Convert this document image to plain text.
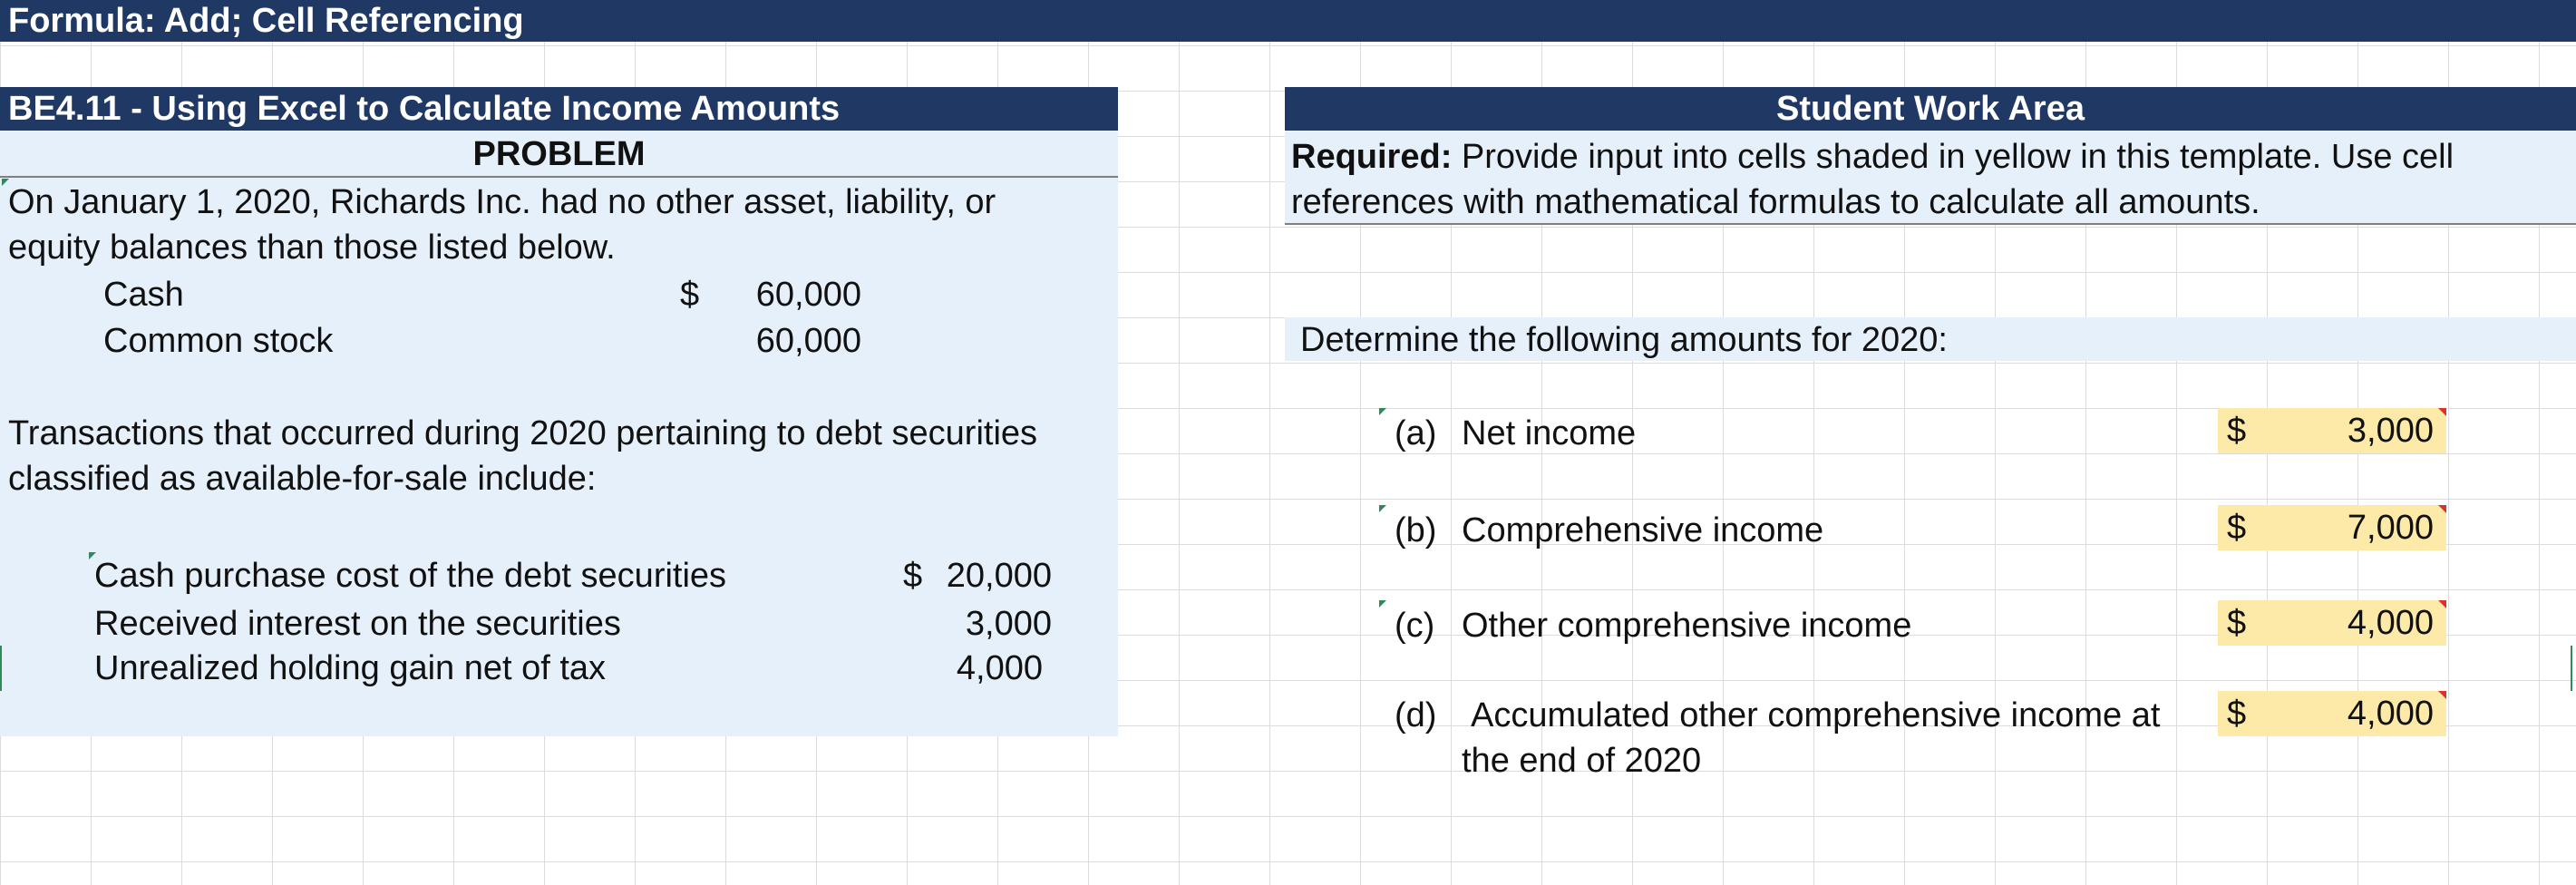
Formula: Add; Cell Referencing
BE4.11 - Using Excel to Calculate Income Amounts
PROBLEM
On January 1, 2020, Richards Inc. had no other asset, liability, or
equity balances than those listed below.
Cash	$	60,000
Common stock	60,000
Transactions that occurred during 2020 pertaining to debt securities
classified as available-for-sale include:
Cash purchase cost of the debt securities	$ 20,000
Received interest on the securities	3,000
Unrealized holding gain net of tax	4,000
Student Work Area
Required: Provide input into cells shaded in yellow in this template. Use cell
references with mathematical formulas to calculate all amounts.
Determine the following amounts for 2020:
(a) Net income	$	3,000
(b) Comprehensive income	$	7,000
(c) Other comprehensive income	$	4,000
(d) Accumulated other comprehensive income at
the end of 2020
$	4,000
